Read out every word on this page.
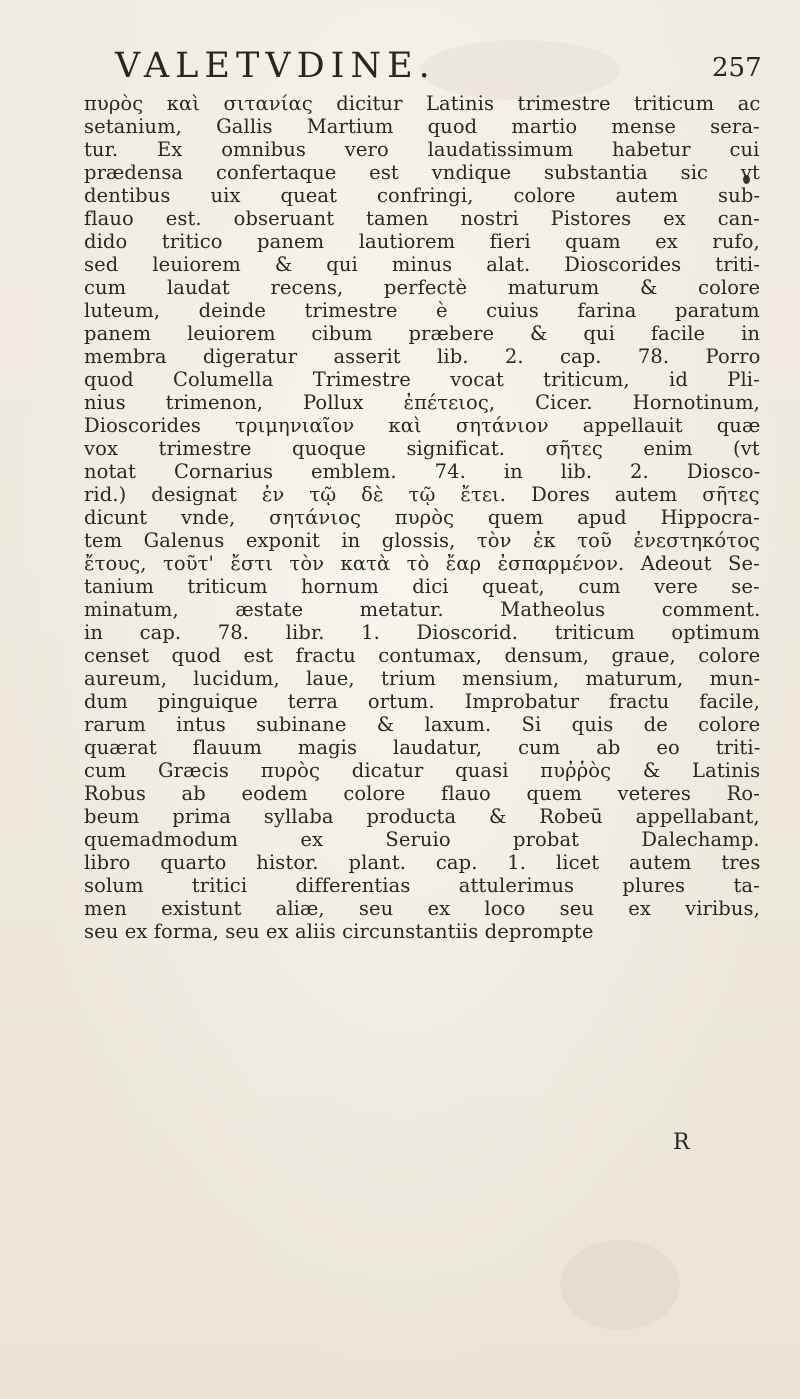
VALETVDINE.	257
πυρὸς καὶ σιτανίας dicitur Latinis trimestre triticum ac
setanium, Gallis Martium quod martio mense sera-
tur. Ex omnibus vero laudatissimum habetur cui
prædensa confertaque est vndique substantia sic vt
dentibus uix queat confringi, colore autem sub-
flauo est. obseruant tamen nostri Pistores ex can-
dido tritico panem lautiorem fieri quam ex rufo,
sed leuiorem & qui minus alat. Dioscorides triti-
cum laudat recens, perfectè maturum & colore
luteum, deinde trimestre è cuius farina paratum
panem leuiorem cibum præbere & qui facile in
membra digeratur asserit lib. 2. cap. 78. Porro
quod Columella Trimestre vocat triticum, id Pli-
nius trimenon, Pollux ἐπέτειος, Cicer. Hornotinum,
Dioscorides τριμηνιαῖον καὶ σητάνιον appellauit quæ
vox trimestre quoque significat. σῆτες enim (vt
notat Cornarius emblem. 74. in lib. 2. Diosco-
rid.) designat ἐν τῷ δὲ τῷ ἔτει. Dores autem σῆτες
dicunt vnde, σητάνιος πυρὸς quem apud Hippocra-
tem Galenus exponit in glossis, τὸν ἐκ τοῦ ἐνεστηκότος
ἔτους, τοῦτ' ἔστι τὸν κατὰ τὸ ἔαρ ἐσπαρμένον. Adeout Se-
tanium triticum hornum dici queat, cum vere se-
minatum, æstate metatur. Matheolus comment.
in cap. 78. libr. 1. Dioscorid. triticum optimum
censet quod est fractu contumax, densum, graue, colore
aureum, lucidum, laue, trium mensium, maturum, mun-
dum pinguique terra ortum. Improbatur fractu facile,
rarum intus subinane & laxum. Si quis de colore
quærat flauum magis laudatur, cum ab eo triti-
cum Græcis πυρὸς dicatur quasi πυῤῥὸς & Latinis
Robus ab eodem colore flauo quem veteres Ro-
beum prima syllaba producta & Robeū appellabant,
quemadmodum ex Seruio probat Dalechamp.
libro quarto histor. plant. cap. 1. licet autem tres
solum tritici differentias attulerimus plures ta-
men existunt aliæ, seu ex loco seu ex viribus,
seu ex forma, seu ex aliis circunstantiis deprompte
R
